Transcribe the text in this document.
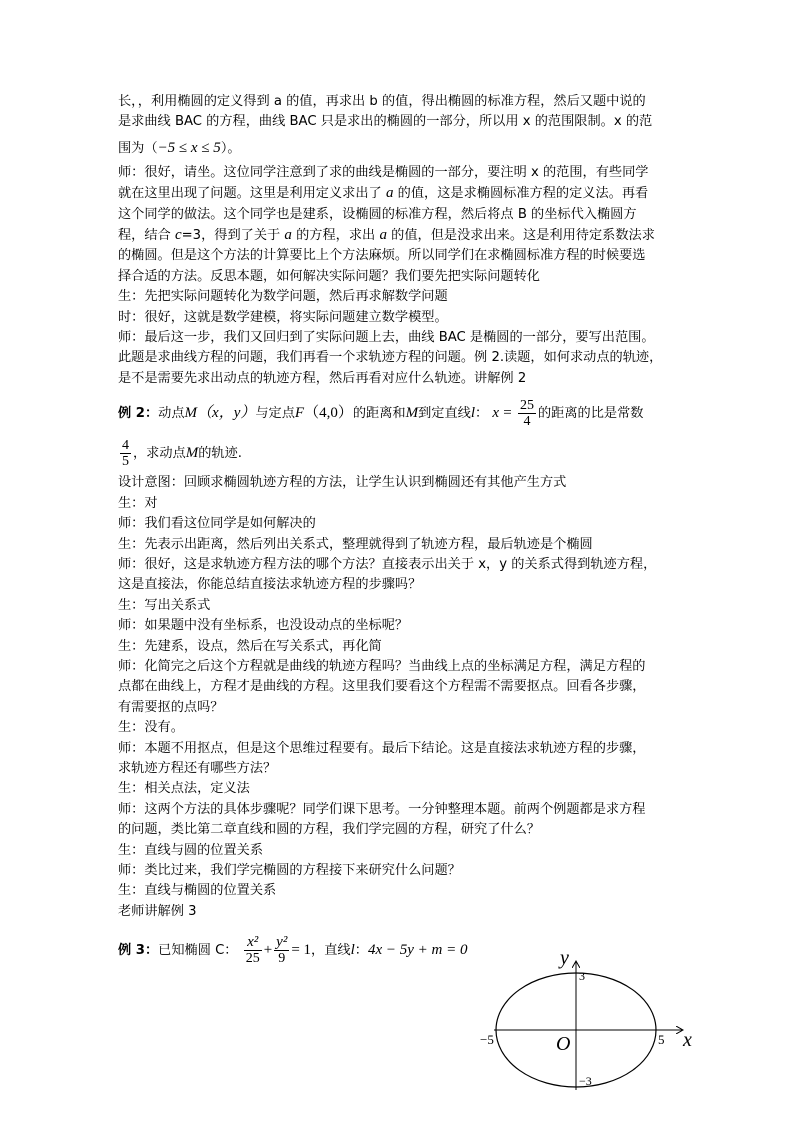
长，，利用椭圆的定义得到 a 的值，再求出 b 的值，得出椭圆的标准方程，然后又题中说的

是求曲线 BAC 的方程，曲线 BAC 只是求出的椭圆的一部分，所以用 x 的范围限制。x 的范

围为（−5 ≤ x ≤ 5）。

师：很好，请坐。这位同学注意到了求的曲线是椭圆的一部分，要注明 x 的范围，有些同学

就在这里出现了问题。这里是利用定义求出了 a 的值，这是求椭圆标准方程的定义法。再看

这个同学的做法。这个同学也是建系，设椭圆的标准方程，然后将点 B 的坐标代入椭圆方

程，结合 c=3，得到了关于 a 的方程，求出 a 的值，但是没求出来。这是利用待定系数法求

的椭圆。但是这个方法的计算要比上个方法麻烦。所以同学们在求椭圆标准方程的时候要选

择合适的方法。反思本题，如何解决实际问题？我们要先把实际问题转化

生：先把实际问题转化为数学问题，然后再求解数学问题

时：很好，这就是数学建模，将实际问题建立数学模型。

师：最后这一步，我们又回归到了实际问题上去，曲线 BAC 是椭圆的一部分，要写出范围。

此题是求曲线方程的问题，我们再看一个求轨迹方程的问题。例 2.读题，如何求动点的轨迹，

是不是需要先求出动点的轨迹方程，然后再看对应什么轨迹。讲解例 2

例 2：动点M（x，y）与定点F（4,0）的距离和M到定直线l： $x = \frac{25}{4}$ 的距离的比是常数

$\frac{4}{5}$ ，求动点M的轨迹.

设计意图：回顾求椭圆轨迹方程的方法，让学生认识到椭圆还有其他产生方式

生：对

师：我们看这位同学是如何解决的

生：先表示出距离，然后列出关系式，整理就得到了轨迹方程，最后轨迹是个椭圆

师：很好，这是求轨迹方程方法的哪个方法？直接表示出关于 x，y 的关系式得到轨迹方程，

这是直接法，你能总结直接法求轨迹方程的步骤吗？

生：写出关系式

师：如果题中没有坐标系，也没设动点的坐标呢？

生：先建系，设点，然后在写关系式，再化简

师：化简完之后这个方程就是曲线的轨迹方程吗？当曲线上点的坐标满足方程，满足方程的

点都在曲线上，方程才是曲线的方程。这里我们要看这个方程需不需要抠点。回看各步骤，

有需要抠的点吗？

生：没有。

师：本题不用抠点，但是这个思维过程要有。最后下结论。这是直接法求轨迹方程的步骤，

求轨迹方程还有哪些方法？

生：相关点法，定义法

师：这两个方法的具体步骤呢？同学们课下思考。一分钟整理本题。前两个例题都是求方程

的问题，类比第二章直线和圆的方程，我们学完圆的方程，研究了什么？

生：直线与圆的位置关系

师：类比过来，我们学完椭圆的方程接下来研究什么问题？

生：直线与椭圆的位置关系

老师讲解例 3

例 3：已知椭圆 C： $\frac{\text{x²}}{25} + \frac{\text{y²}}{9} = 1$，直线l：4x − 5y + m = 0

x
y
O	5
−5
3
−3
